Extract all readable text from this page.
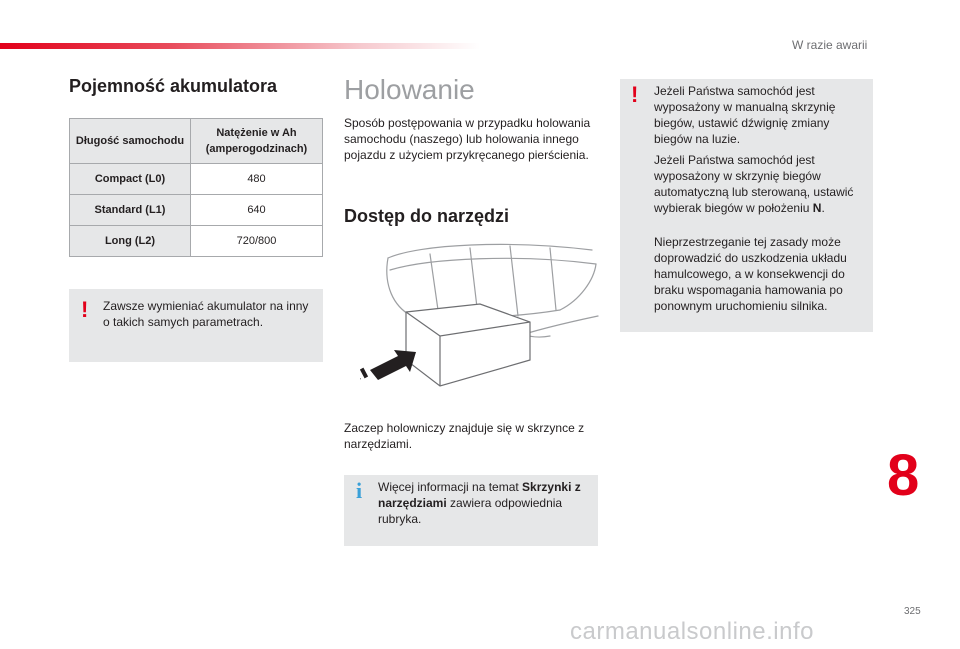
W razie awarii
Pojemność akumulatora
Długość samochodu	Natężenie w Ah (amperogodzinach)
Compact (L0)	480
Standard (L1)	640
Long (L2)	720/800
! Zawsze wymieniać akumulator na inny o takich samych parametrach.
Holowanie
Sposób postępowania w przypadku holowania samochodu (naszego) lub holowania innego pojazdu z użyciem przykręcanego pierścienia.
Dostęp do narzędzi
Zaczep holowniczy znajduje się w skrzynce z narzędziami.
i Więcej informacji na temat Skrzynki z narzędziami zawiera odpowiednia rubryka.
! Jeżeli Państwa samochód jest wyposażony w manualną skrzynię biegów, ustawić dźwignię zmiany biegów na luzie.
Jeżeli Państwa samochód jest wyposażony w skrzynię biegów automatyczną lub sterowaną, ustawić wybierak biegów w położeniu N.
Nieprzestrzeganie tej zasady może doprowadzić do uszkodzenia układu hamulcowego, a w konsekwencji do braku wspomagania hamowania po ponownym uruchomieniu silnika.
8
325
carmanualsonline.info
